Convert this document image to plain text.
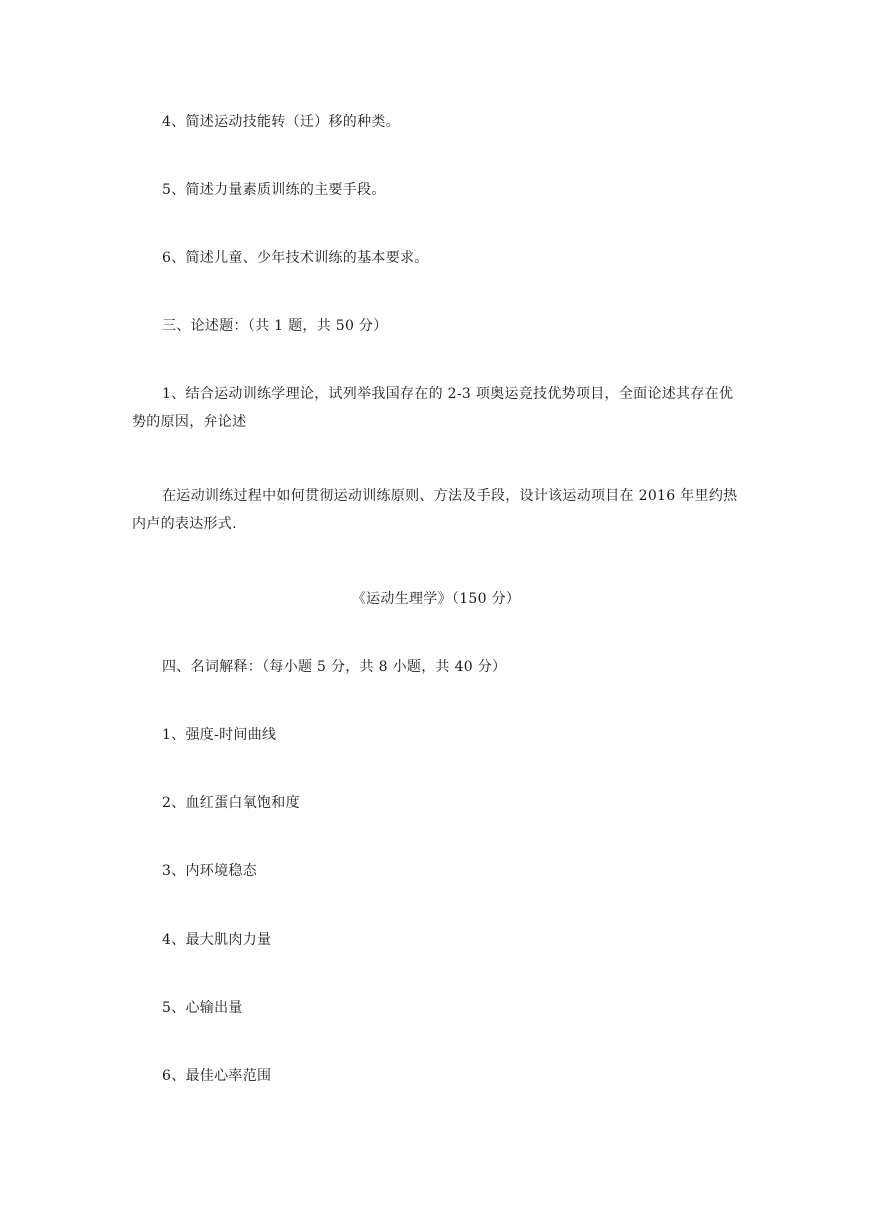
4、简述运动技能转（迁）移的种类。

5、简述力量素质训练的主要手段。

6、简述儿童、少年技术训练的基本要求。

三、论述题：（共 1 题，共 50 分）

1、结合运动训练学理论，试列举我国存在的 2-3 项奥运竞技优势项目，全面论述其存在优势的原因，弁论述

在运动训练过程中如何贯彻运动训练原则、方法及手段，设计该运动项目在 2016 年里约热内卢的表达形式.

《运动生理学》（150 分）

四、名词解释：（每小题 5 分，共 8 小题，共 40 分）

1、强度-时间曲线

2、血红蛋白氧饱和度

3、内环境稳态

4、最大肌肉力量

5、心输出量

6、最佳心率范围
